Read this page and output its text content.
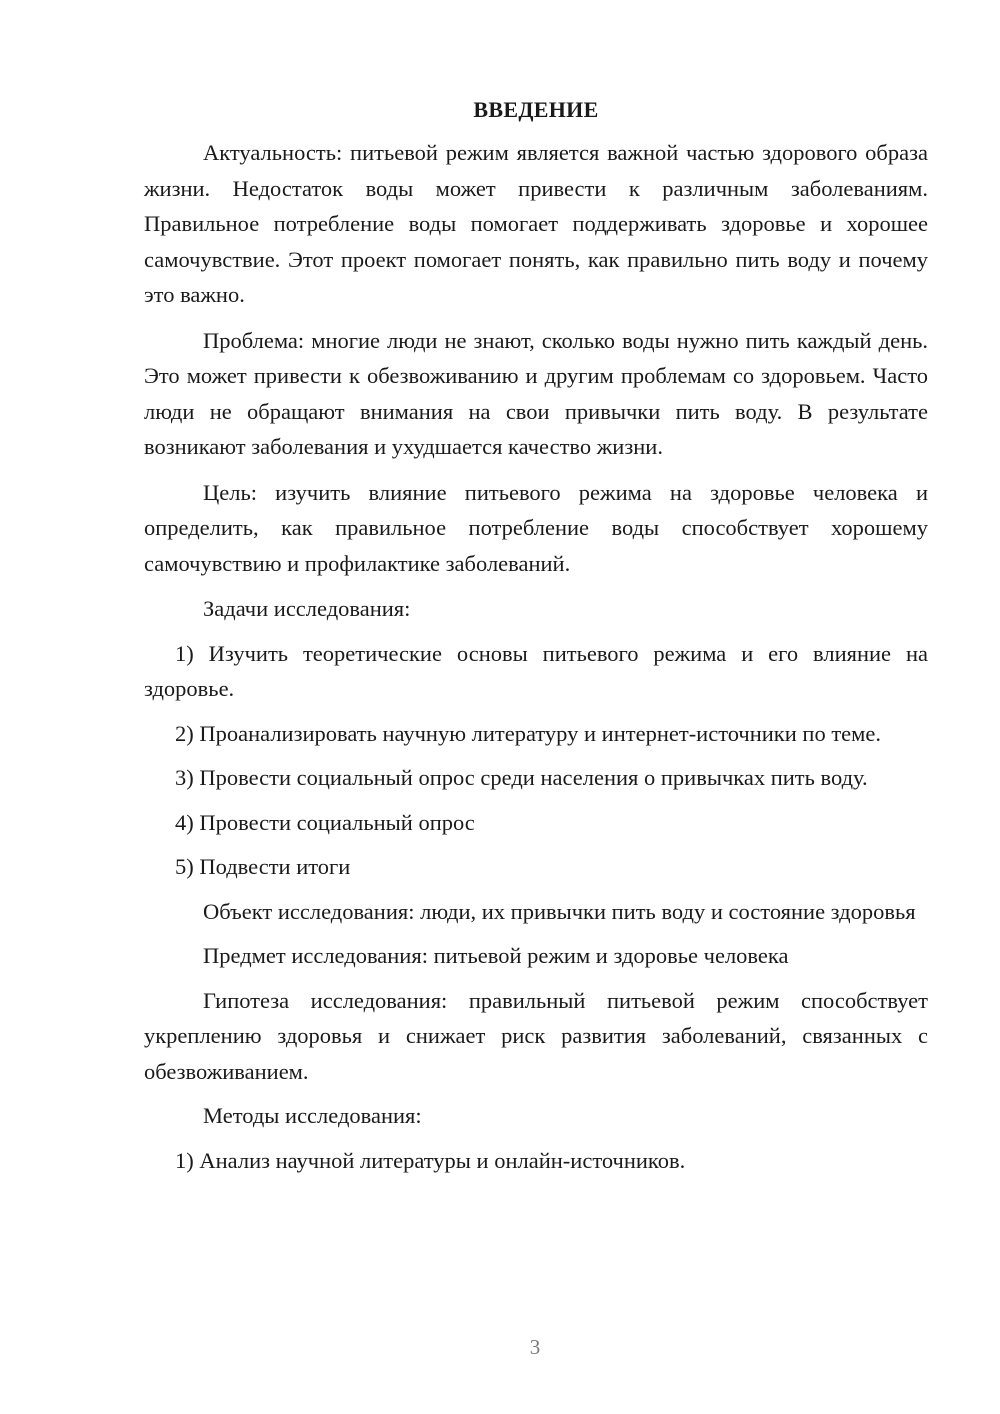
ВВЕДЕНИЕ

Актуальность: питьевой режим является важной частью здорового образа жизни. Недостаток воды может привести к различным заболеваниям. Правильное потребление воды помогает поддерживать здоровье и хорошее самочувствие. Этот проект помогает понять, как правильно пить воду и почему это важно.

Проблема: многие люди не знают, сколько воды нужно пить каждый день. Это может привести к обезвоживанию и другим проблемам со здоровьем. Часто люди не обращают внимания на свои привычки пить воду. В результате возникают заболевания и ухудшается качество жизни.

Цель: изучить влияние питьевого режима на здоровье человека и определить, как правильное потребление воды способствует хорошему самочувствию и профилактике заболеваний.

Задачи исследования:

1) Изучить теоретические основы питьевого режима и его влияние на здоровье.

2) Проанализировать научную литературу и интернет-источники по теме.

3) Провести социальный опрос среди населения о привычках пить воду.

4) Провести социальный опрос

5) Подвести итоги

Объект исследования: люди, их привычки пить воду и состояние здоровья

Предмет исследования: питьевой режим и здоровье человека

Гипотеза исследования: правильный питьевой режим способствует укреплению здоровья и снижает риск развития заболеваний, связанных с обезвоживанием.

Методы исследования:

1) Анализ научной литературы и онлайн-источников.

3
